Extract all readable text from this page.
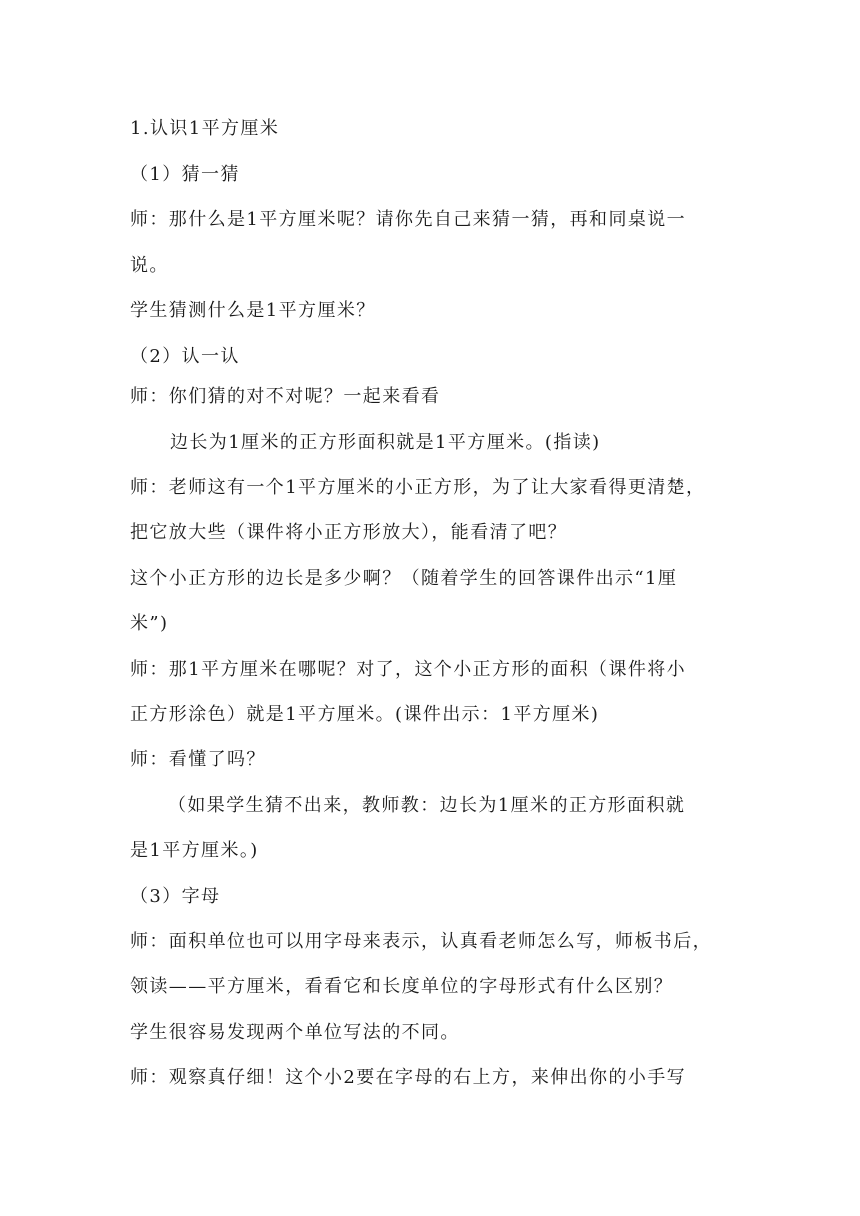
1.认识1平方厘米
（1）猜一猜
师：那什么是1平方厘米呢？请你先自己来猜一猜，再和同桌说一
说。
学生猜测什么是1平方厘米？
（2）认一认
师：你们猜的对不对呢？一起来看看
边长为1厘米的正方形面积就是1平方厘米。(指读)
师：老师这有一个1平方厘米的小正方形，为了让大家看得更清楚，
把它放大些（课件将小正方形放大），能看清了吧？
这个小正方形的边长是多少啊？（随着学生的回答课件出示“1厘
米”)
师：那1平方厘米在哪呢？对了，这个小正方形的面积（课件将小
正方形涂色）就是1平方厘米。(课件出示：1平方厘米)
师：看懂了吗？
（如果学生猜不出来，教师教：边长为1厘米的正方形面积就
是1平方厘米。)
（3）字母
师：面积单位也可以用字母来表示，认真看老师怎么写，师板书后，
领读——平方厘米，看看它和长度单位的字母形式有什么区别？
学生很容易发现两个单位写法的不同。
师：观察真仔细！这个小2要在字母的右上方，来伸出你的小手写
